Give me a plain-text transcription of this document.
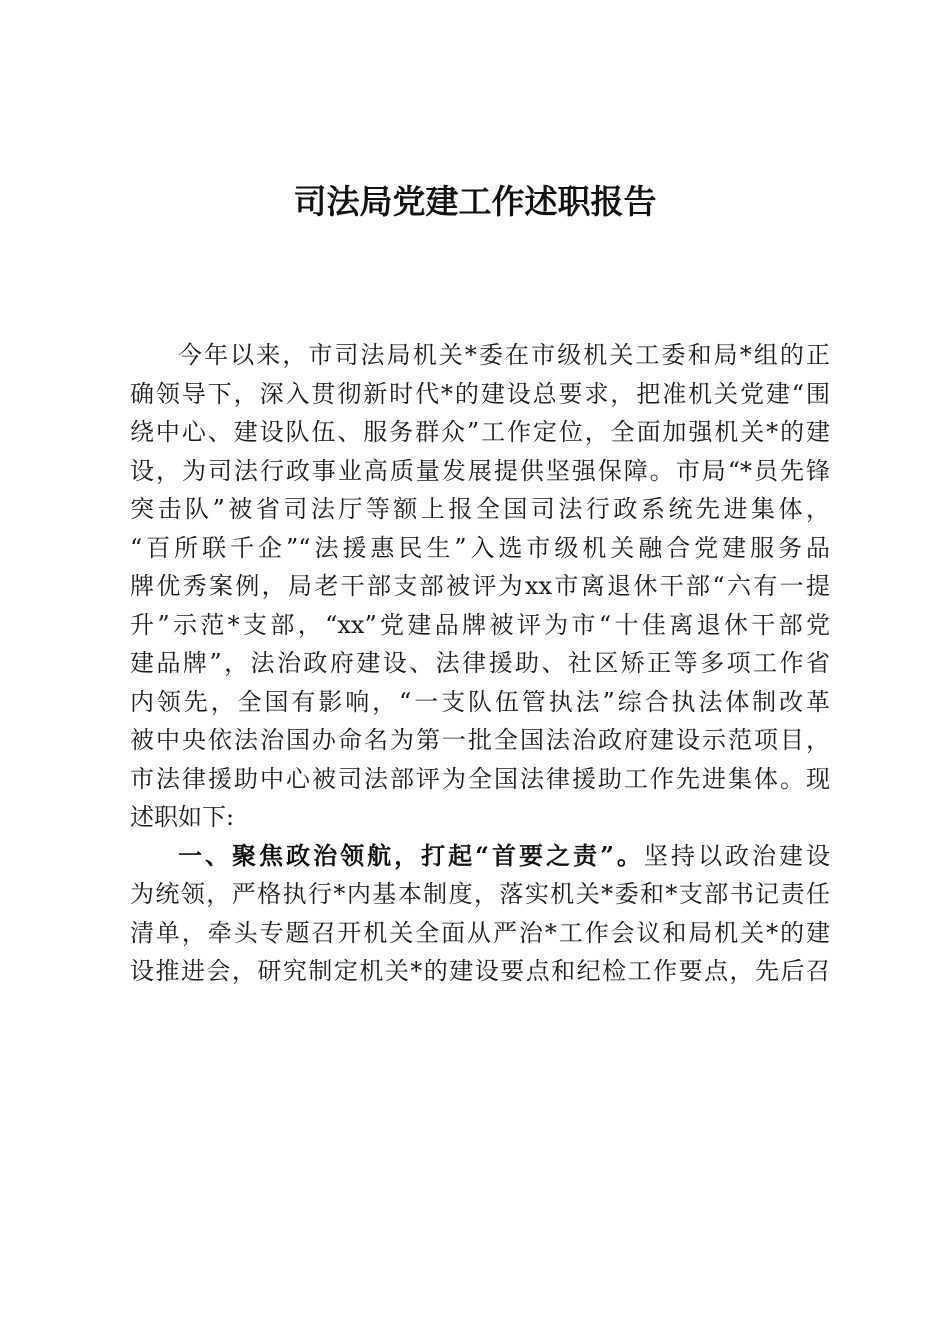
司法局党建工作述职报告
今年以来，市司法局机关*委在市级机关工委和局*组的正
确领导下，深入贯彻新时代*的建设总要求，把准机关党建“围
绕中心、建设队伍、服务群众”工作定位，全面加强机关*的建
设，为司法行政事业高质量发展提供坚强保障。市局“*员先锋
突击队”被省司法厅等额上报全国司法行政系统先进集体，
“百所联千企”“法援惠民生”入选市级机关融合党建服务品
牌优秀案例，局老干部支部被评为xx市离退休干部“六有一提
升”示范*支部，“xx”党建品牌被评为市“十佳离退休干部党
建品牌”，法治政府建设、法律援助、社区矫正等多项工作省
内领先，全国有影响，“一支队伍管执法”综合执法体制改革
被中央依法治国办命名为第一批全国法治政府建设示范项目，
市法律援助中心被司法部评为全国法律援助工作先进集体。现
述职如下:
一、聚焦政治领航，打起“首要之责”。坚持以政治建设
为统领，严格执行*内基本制度，落实机关*委和*支部书记责任
清单，牵头专题召开机关全面从严治*工作会议和局机关*的建
设推进会，研究制定机关*的建设要点和纪检工作要点，先后召
